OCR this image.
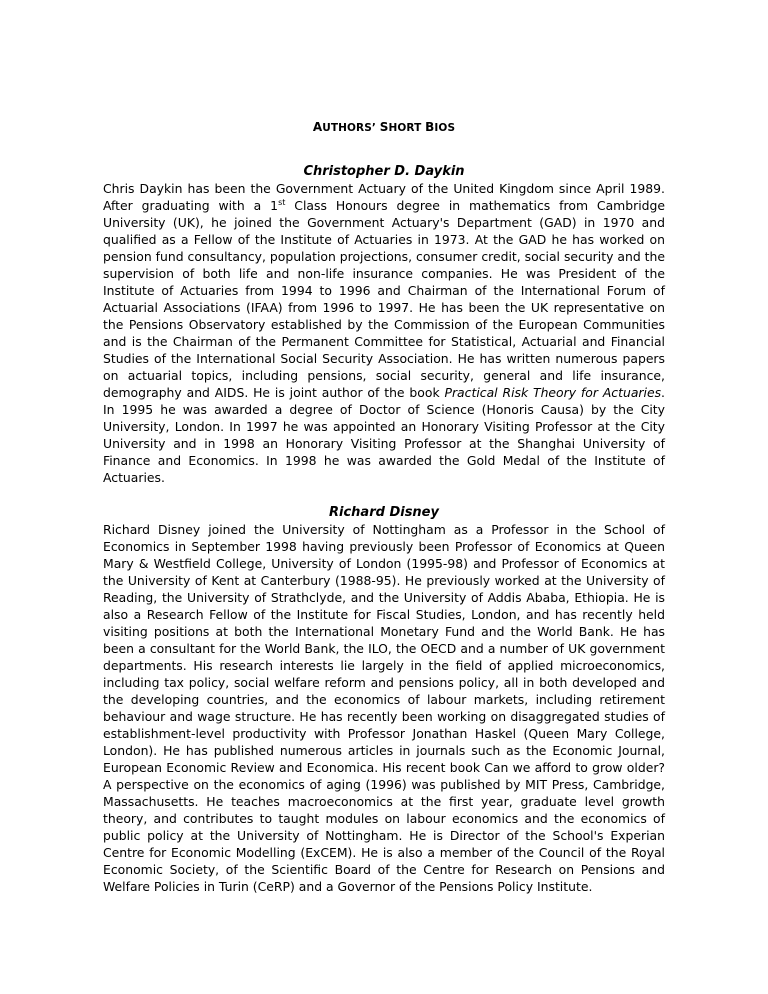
AUTHORS’ SHORT BIOS
Christopher D. Daykin

Chris Daykin has been the Government Actuary of the United Kingdom since April 1989. After graduating with a 1st Class Honours degree in mathematics from Cambridge University (UK), he joined the Government Actuary's Department (GAD) in 1970 and qualified as a Fellow of the Institute of Actuaries in 1973. At the GAD he has worked on pension fund consultancy, population projections, consumer credit, social security and the supervision of both life and non-life insurance companies. He was President of the Institute of Actuaries from 1994 to 1996 and Chairman of the International Forum of Actuarial Associations (IFAA) from 1996 to 1997. He has been the UK representative on the Pensions Observatory established by the Commission of the European Communities and is the Chairman of the Permanent Committee for Statistical, Actuarial and Financial Studies of the International Social Security Association. He has written numerous papers on actuarial topics, including pensions, social security, general and life insurance, demography and AIDS. He is joint author of the book Practical Risk Theory for Actuaries. In 1995 he was awarded a degree of Doctor of Science (Honoris Causa) by the City University, London. In 1997 he was appointed an Honorary Visiting Professor at the City University and in 1998 an Honorary Visiting Professor at the Shanghai University of Finance and Economics. In 1998 he was awarded the Gold Medal of the Institute of Actuaries.

Richard Disney

Richard Disney joined the University of Nottingham as a Professor in the School of Economics in September 1998 having previously been Professor of Economics at Queen Mary & Westfield College, University of London (1995-98) and Professor of Economics at the University of Kent at Canterbury (1988-95). He previously worked at the University of Reading, the University of Strathclyde, and the University of Addis Ababa, Ethiopia. He is also a Research Fellow of the Institute for Fiscal Studies, London, and has recently held visiting positions at both the International Monetary Fund and the World Bank. He has been a consultant for the World Bank, the ILO, the OECD and a number of UK government departments. His research interests lie largely in the field of applied microeconomics, including tax policy, social welfare reform and pensions policy, all in both developed and the developing countries, and the economics of labour markets, including retirement behaviour and wage structure. He has recently been working on disaggregated studies of establishment-level productivity with Professor Jonathan Haskel (Queen Mary College, London). He has published numerous articles in journals such as the Economic Journal, European Economic Review and Economica. His recent book Can we afford to grow older? A perspective on the economics of aging (1996) was published by MIT Press, Cambridge, Massachusetts. He teaches macroeconomics at the first year, graduate level growth theory, and contributes to taught modules on labour economics and the economics of public policy at the University of Nottingham. He is Director of the School's Experian Centre for Economic Modelling (ExCEM). He is also a member of the Council of the Royal Economic Society, of the Scientific Board of the Centre for Research on Pensions and Welfare Policies in Turin (CeRP) and a Governor of the Pensions Policy Institute.
